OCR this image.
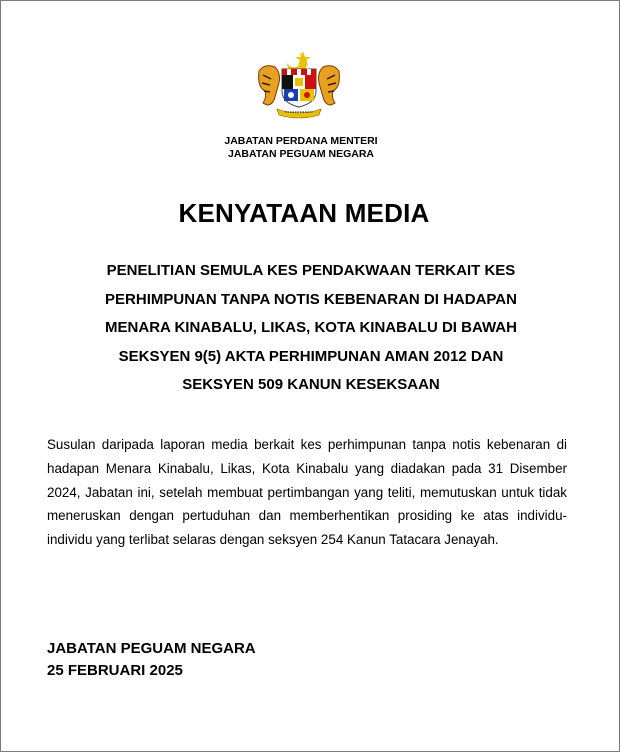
JABATAN PERDANA MENTERI
JABATAN PEGUAM NEGARA
KENYATAAN MEDIA
PENELITIAN SEMULA KES PENDAKWAAN TERKAIT KES
PERHIMPUNAN TANPA NOTIS KEBENARAN DI HADAPAN
MENARA KINABALU, LIKAS, KOTA KINABALU DI BAWAH
SEKSYEN 9(5) AKTA PERHIMPUNAN AMAN 2012 DAN
SEKSYEN 509 KANUN KESEKSAAN
Susulan daripada laporan media berkait kes perhimpunan tanpa notis kebenaran di hadapan Menara Kinabalu, Likas, Kota Kinabalu yang diadakan pada 31 Disember 2024, Jabatan ini, setelah membuat pertimbangan yang teliti, memutuskan untuk tidak meneruskan dengan pertuduhan dan memberhentikan prosiding ke atas individu-individu yang terlibat selaras dengan seksyen 254 Kanun Tatacara Jenayah.
JABATAN PEGUAM NEGARA
25 FEBRUARI 2025
